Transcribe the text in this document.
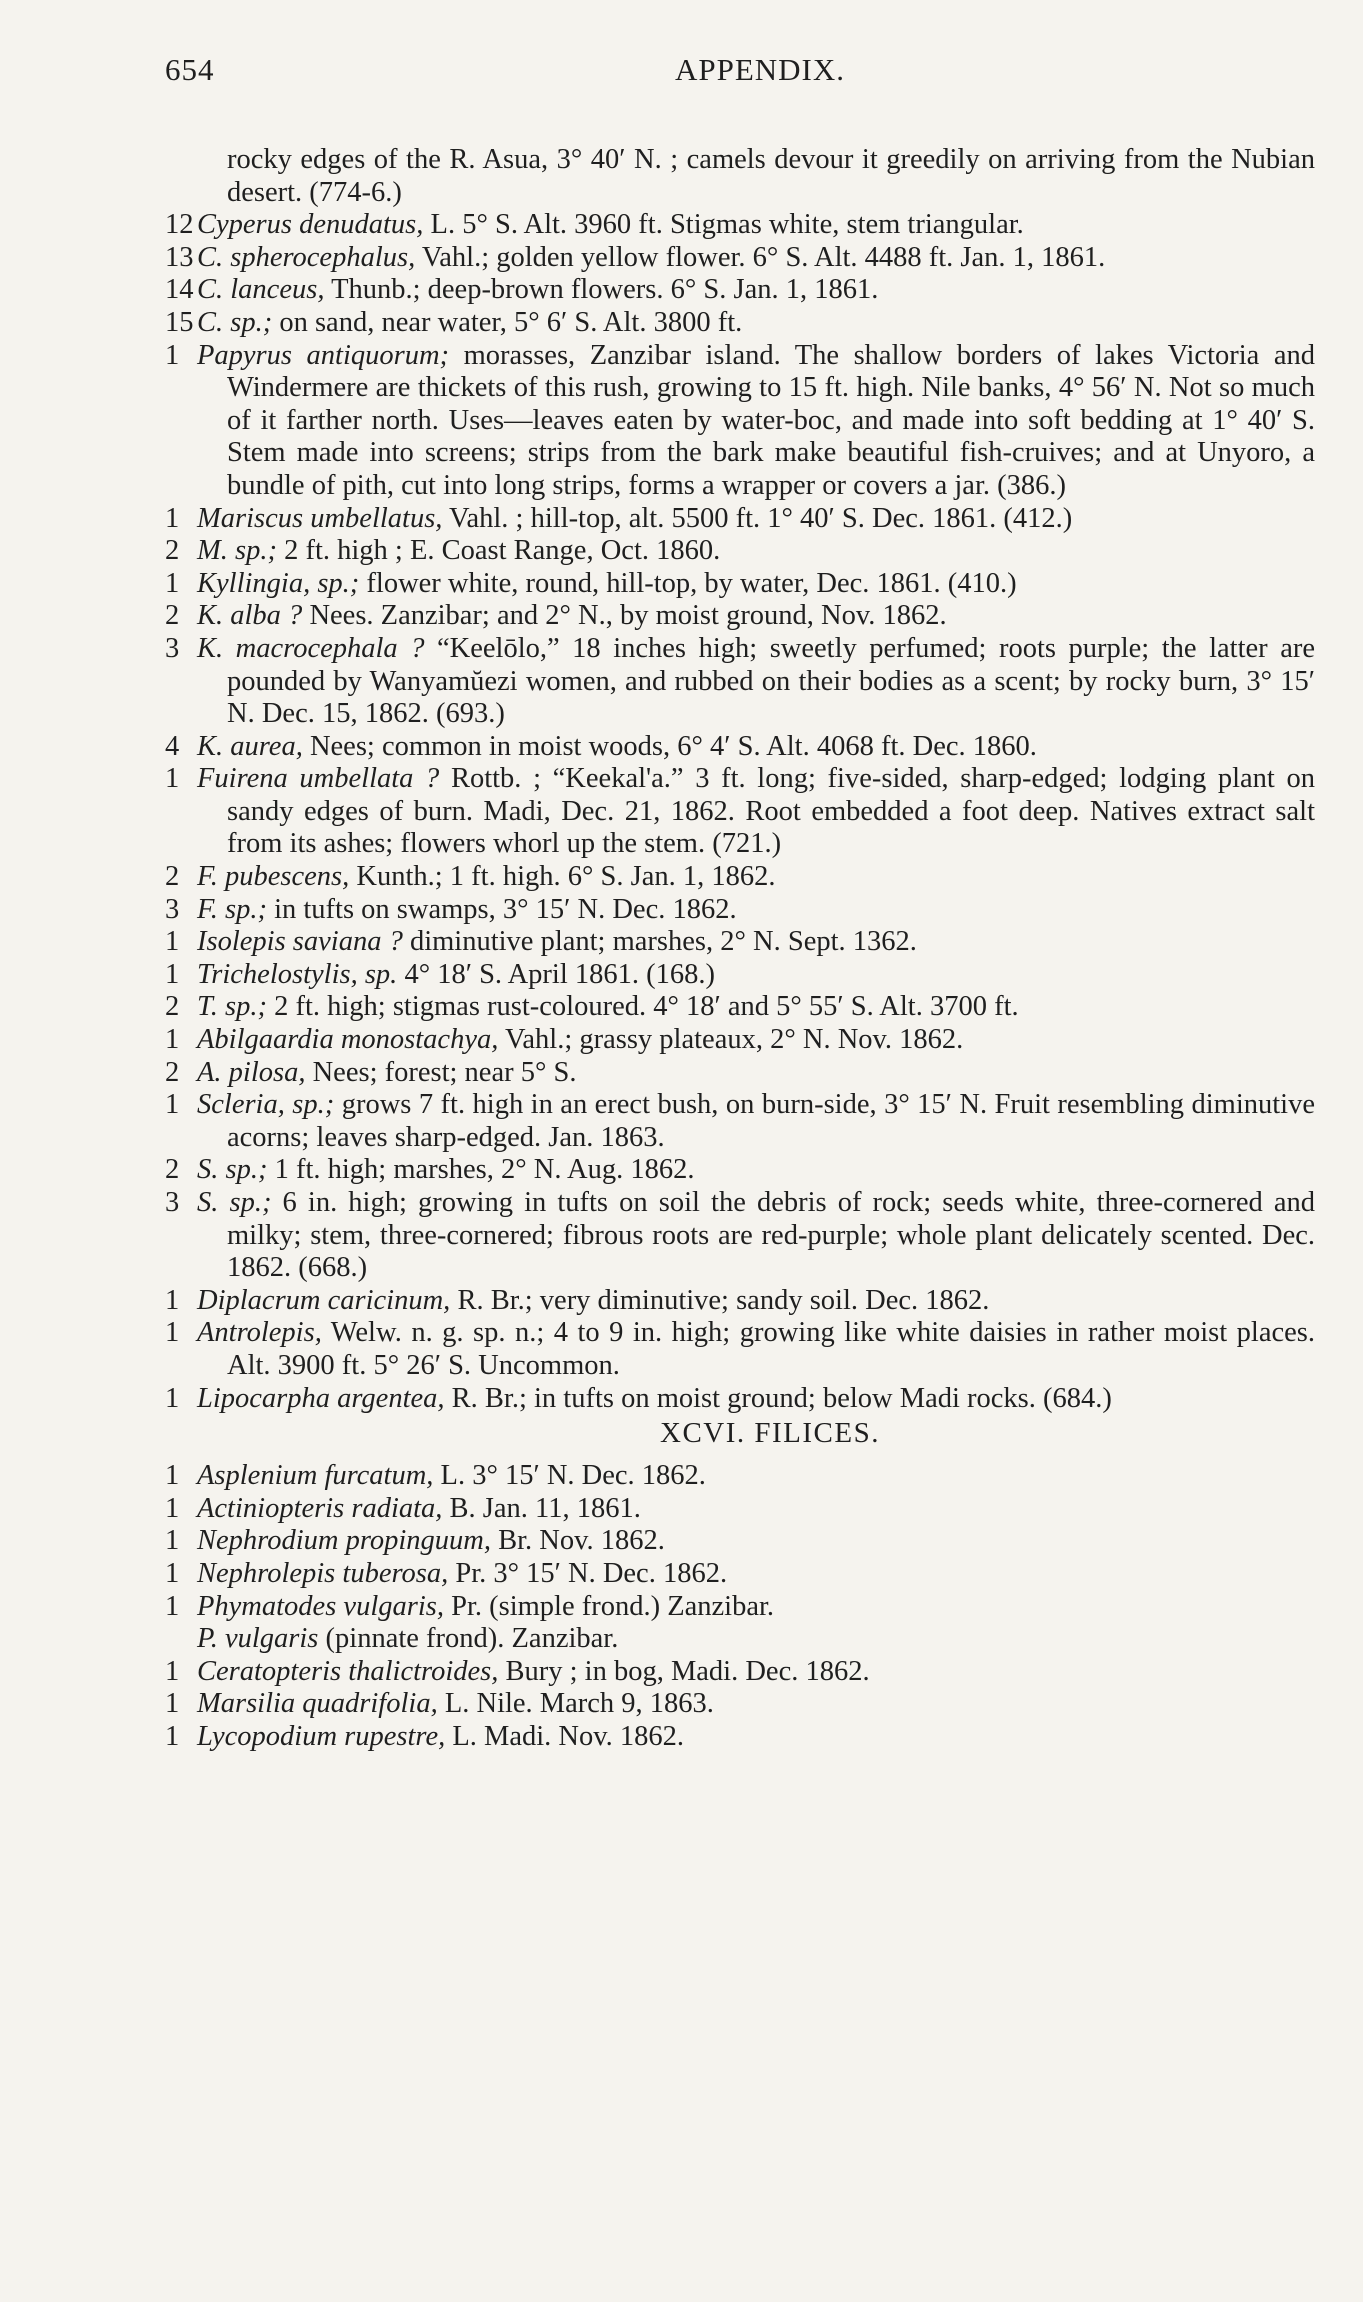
654	APPENDIX.
rocky edges of the R. Asua, 3° 40′ N. ; camels devour it greedily on arriving from the Nubian desert. (774-6.)
12 Cyperus denudatus, L. 5° S. Alt. 3960 ft. Stigmas white, stem triangular.
13 C. spherocephalus, Vahl.; golden yellow flower. 6° S. Alt. 4488 ft. Jan. 1, 1861.
14 C. lanceus, Thunb.; deep-brown flowers. 6° S. Jan. 1, 1861.
15 C. sp.; on sand, near water, 5° 6′ S. Alt. 3800 ft.
1 Papyrus antiquorum; morasses, Zanzibar island. The shallow borders of lakes Victoria and Windermere are thickets of this rush, growing to 15 ft. high. Nile banks, 4° 56′ N. Not so much of it farther north. Uses—leaves eaten by water-boc, and made into soft bedding at 1° 40′ S. Stem made into screens; strips from the bark make beautiful fish-cruives; and at Unyoro, a bundle of pith, cut into long strips, forms a wrapper or covers a jar. (386.)
1 Mariscus umbellatus, Vahl. ; hill-top, alt. 5500 ft. 1° 40′ S. Dec. 1861. (412.)
2 M. sp.; 2 ft. high ; E. Coast Range, Oct. 1860.
1 Kyllingia, sp.; flower white, round, hill-top, by water, Dec. 1861. (410.)
2 K. alba ? Nees. Zanzibar; and 2° N., by moist ground, Nov. 1862.
3 K. macrocephala ? “Keelōlo,” 18 inches high; sweetly perfumed; roots purple; the latter are pounded by Wanyamŭezi women, and rubbed on their bodies as a scent; by rocky burn, 3° 15′ N. Dec. 15, 1862. (693.)
4 K. aurea, Nees; common in moist woods, 6° 4′ S. Alt. 4068 ft. Dec. 1860.
1 Fuirena umbellata ? Rottb. ; “Keekal'a.” 3 ft. long; five-sided, sharp-edged; lodging plant on sandy edges of burn. Madi, Dec. 21, 1862. Root embedded a foot deep. Natives extract salt from its ashes; flowers whorl up the stem. (721.)
2 F. pubescens, Kunth.; 1 ft. high. 6° S. Jan. 1, 1862.
3 F. sp.; in tufts on swamps, 3° 15′ N. Dec. 1862.
1 Isolepis saviana ? diminutive plant; marshes, 2° N. Sept. 1362.
1 Trichelostylis, sp. 4° 18′ S. April 1861. (168.)
2 T. sp.; 2 ft. high; stigmas rust-coloured. 4° 18′ and 5° 55′ S. Alt. 3700 ft.
1 Abilgaardia monostachya, Vahl.; grassy plateaux, 2° N. Nov. 1862.
2 A. pilosa, Nees; forest; near 5° S.
1 Scleria, sp.; grows 7 ft. high in an erect bush, on burn-side, 3° 15′ N. Fruit resembling diminutive acorns; leaves sharp-edged. Jan. 1863.
2 S. sp.; 1 ft. high; marshes, 2° N. Aug. 1862.
3 S. sp.; 6 in. high; growing in tufts on soil the debris of rock; seeds white, three-cornered and milky; stem, three-cornered; fibrous roots are red-purple; whole plant delicately scented. Dec. 1862. (668.)
1 Diplacrum caricinum, R. Br.; very diminutive; sandy soil. Dec. 1862.
1 Antrolepis, Welw. n. g. sp. n.; 4 to 9 in. high; growing like white daisies in rather moist places. Alt. 3900 ft. 5° 26′ S. Uncommon.
1 Lipocarpha argentea, R. Br.; in tufts on moist ground; below Madi rocks. (684.)
XCVI. FILICES.
1 Asplenium furcatum, L. 3° 15′ N. Dec. 1862.
1 Actiniopteris radiata, B. Jan. 11, 1861.
1 Nephrodium propinguum, Br. Nov. 1862.
1 Nephrolepis tuberosa, Pr. 3° 15′ N. Dec. 1862.
1 Phymatodes vulgaris, Pr. (simple frond.) Zanzibar.
P. vulgaris (pinnate frond). Zanzibar.
1 Ceratopteris thalictroides, Bury ; in bog, Madi. Dec. 1862.
1 Marsilia quadrifolia, L. Nile. March 9, 1863.
1 Lycopodium rupestre, L. Madi. Nov. 1862.
